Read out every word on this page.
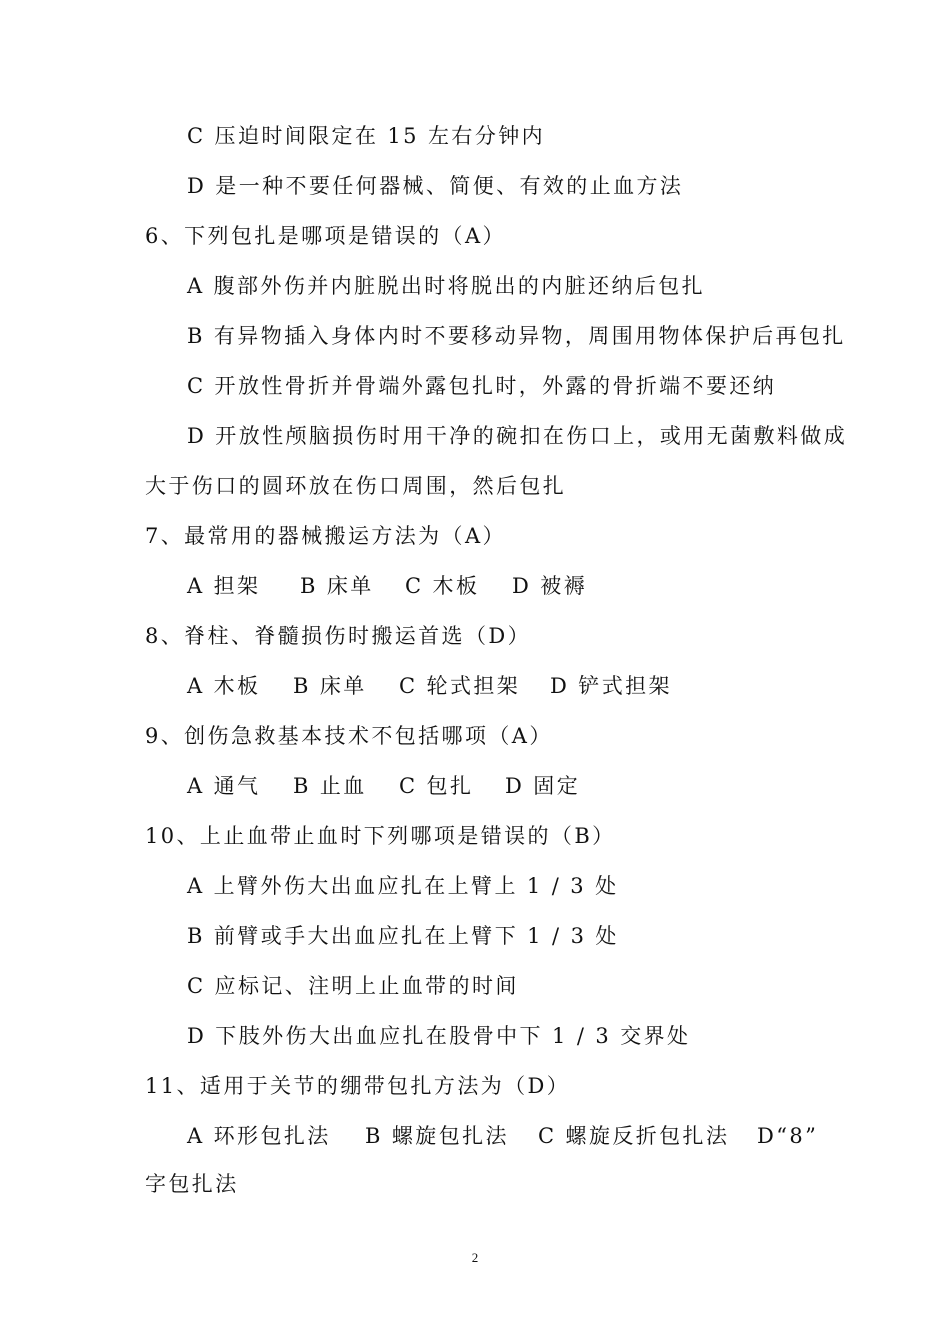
C 压迫时间限定在 15 左右分钟内
D 是一种不要任何器械、简便、有效的止血方法
6、下列包扎是哪项是错误的（A）
A 腹部外伤并内脏脱出时将脱出的内脏还纳后包扎
B 有异物插入身体内时不要移动异物，周围用物体保护后再包扎
C 开放性骨折并骨端外露包扎时，外露的骨折端不要还纳
D 开放性颅脑损伤时用干净的碗扣在伤口上，或用无菌敷料做成
大于伤口的圆环放在伤口周围，然后包扎
7、最常用的器械搬运方法为（A）
A 担架 B 床单 C 木板 D 被褥
8、脊柱、脊髓损伤时搬运首选（D）
A 木板 B 床单 C 轮式担架 D 铲式担架
9、创伤急救基本技术不包括哪项（A）
A 通气 B 止血 C 包扎 D 固定
10、上止血带止血时下列哪项是错误的（B）
A 上臂外伤大出血应扎在上臂上 1 / 3 处
B 前臂或手大出血应扎在上臂下 1 / 3 处
C 应标记、注明上止血带的时间
D 下肢外伤大出血应扎在股骨中下 1 / 3 交界处
11、适用于关节的绷带包扎方法为（D）
A 环形包扎法 B 螺旋包扎法 C 螺旋反折包扎法 D“8”
字包扎法
2
